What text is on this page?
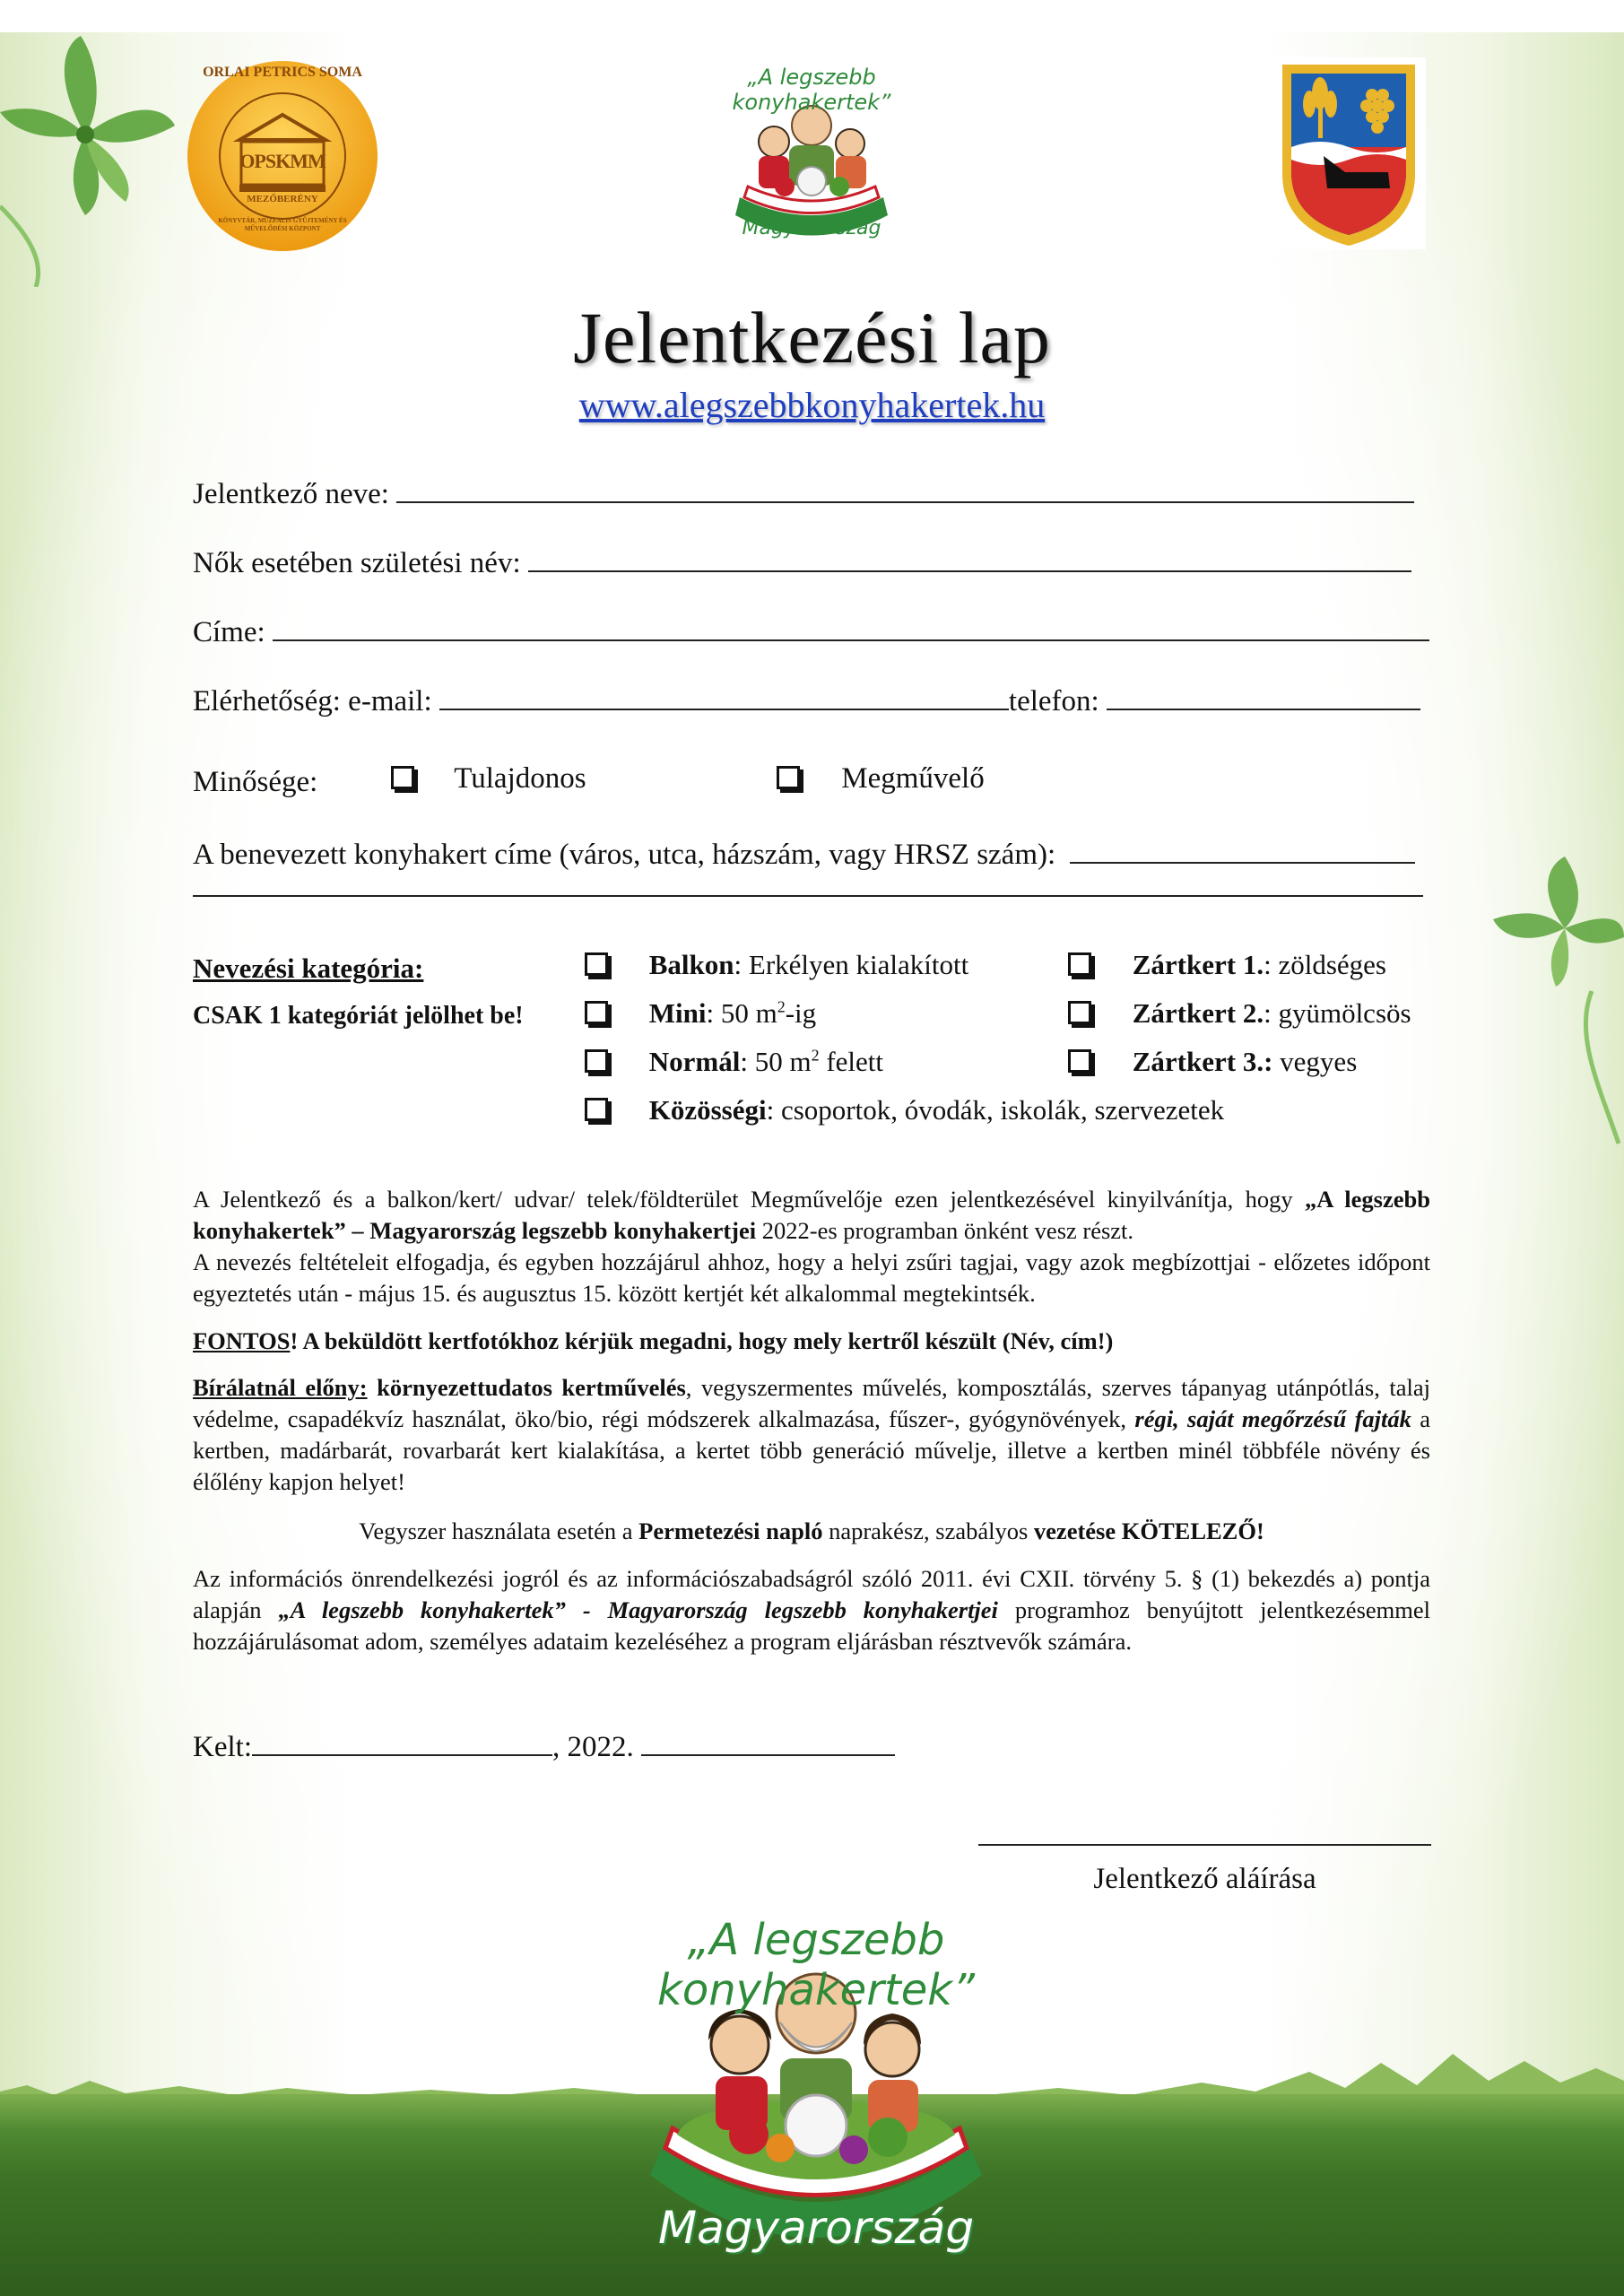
ORLAI PETRICS SOMA
OPSKMM
MEZŐBERÉNY
KÖNYVTÁR, MÚZEALIS GYŰJTEMÉNY ÉS MŰVELŐDÉSI KÖZPONT
„A legszebb konyhakertek”
Magyarország
Jelentkezési lap
www.alegszebbkonyhakertek.hu
Jelentkező neve:
Nők esetében születési név:
Címe:
Elérhetőség: e-mail:	telefon:
Minősége:	Tulajdonos	Megművelő
A benevezett konyhakert címe (város, utca, házszám, vagy HRSZ szám):
Nevezési kategória:
CSAK 1 kategóriát jelölhet be!
Balkon: Erkélyen kialakított
Mini: 50 $m^2-ig$
Normál: 50 $m^2$ felett
Közösségi: csoportok, óvodák, iskolák, szervezetek
Zártkert 1.: zöldséges
Zártkert 2.: gyümölcsös
Zártkert 3.: vegyes

A Jelentkező és a balkon/kert/ udvar/ telek/földterület Megművelője ezen jelentkezésével kinyilvánítja, hogy „A legszebb konyhakertek” – Magyarország legszebb konyhakertjei 2022-es programban önként vesz részt.

A nevezés feltételeit elfogadja, és egyben hozzájárul ahhoz, hogy a helyi zsűri tagjai, vagy azok megbízottjai - előzetes időpont egyeztetés után - május 15. és augusztus 15. között kertjét két alkalommal megtekintsék.

FONTOS! A beküldött kertfotókhoz kérjük megadni, hogy mely kertről készült (Név, cím!)
Bírálatnál előny: környezettudatos kertművelés, vegyszermentes művelés, komposztálás, szerves tápanyag utánpótlás, talaj védelme, csapadékvíz használat, öko/bio, régi módszerek alkalmazása, fűszer-, gyógynövények, régi, saját megőrzésű fajták a kertben, madárbarát, rovarbarát kert kialakítása, a kertet több generáció művelje, illetve a kertben minél többféle növény és élőlény kapjon helyet!
Vegyszer használata esetén a Permetezési napló naprakész, szabályos vezetése KÖTELEZŐ!
Az információs önrendelkezési jogról és az információszabadságról szóló 2011. évi CXII. törvény 5. § (1) bekezdés a) pontja alapján „A legszebb konyhakertek” - Magyarország legszebb konyhakertjei programhoz benyújtott jelentkezésemmel hozzájárulásomat adom, személyes adataim kezeléséhez a program eljárásban résztvevők számára.
Kelt:	, 2022.
Jelentkező aláírása
„A legszebb konyhakertek”
Magyarország
